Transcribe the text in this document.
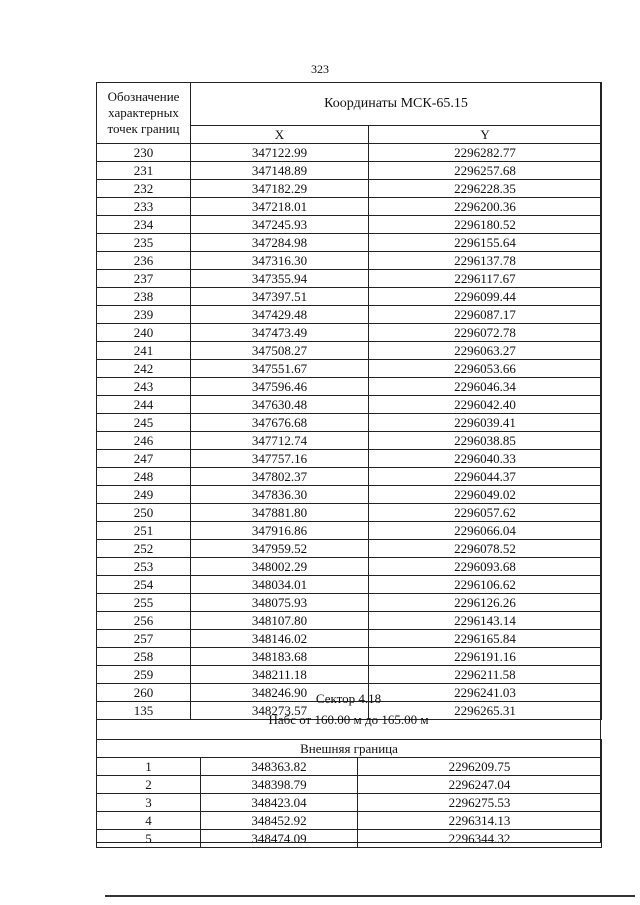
323
Обозначение характерных точек границ	Координаты МСК-65.15	
	X	Y
230	347122.99	2296282.77
231	347148.89	2296257.68
232	347182.29	2296228.35
233	347218.01	2296200.36
234	347245.93	2296180.52
235	347284.98	2296155.64
236	347316.30	2296137.78
237	347355.94	2296117.67
238	347397.51	2296099.44
239	347429.48	2296087.17
240	347473.49	2296072.78
241	347508.27	2296063.27
242	347551.67	2296053.66
243	347596.46	2296046.34
244	347630.48	2296042.40
245	347676.68	2296039.41
246	347712.74	2296038.85
247	347757.16	2296040.33
248	347802.37	2296044.37
249	347836.30	2296049.02
250	347881.80	2296057.62
251	347916.86	2296066.04
252	347959.52	2296078.52
253	348002.29	2296093.68
254	348034.01	2296106.62
255	348075.93	2296126.26
256	348107.80	2296143.14
257	348146.02	2296165.84
258	348183.68	2296191.16
259	348211.18	2296211.58
260	348246.90	2296241.03
135	348273.57	2296265.31
Сектор 4.18
Набс от 160.00 м до 165.00 м
Внешняя граница		
1	348363.82	2296209.75
2	348398.79	2296247.04
3	348423.04	2296275.53
4	348452.92	2296314.13
5	348474.09	2296344.32
